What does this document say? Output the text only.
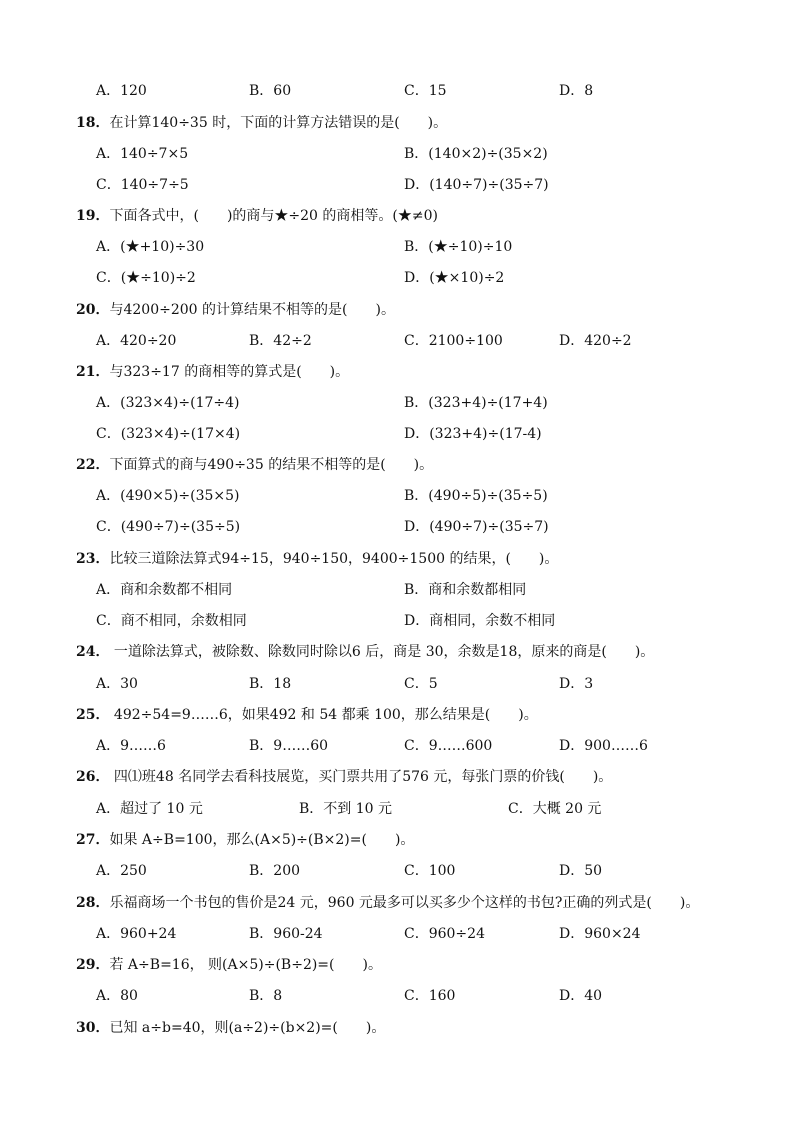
A．120	B．60	C．15	D．8
18．在计算140÷35 时，下面的计算方法错误的是(　　)。
A．140÷7×5	B．(140×2)÷(35×2)
C．140÷7÷5	D．(140÷7)÷(35÷7)
19．下面各式中，(　　)的商与★÷20 的商相等。(★≠0)
A．(★+10)÷30	B．(★÷10)÷10
C．(★÷10)÷2	D．(★×10)÷2
20．与4200÷200 的计算结果不相等的是(　　)。
A．420÷20	B．42÷2	C．2100÷100	D．420÷2
21．与323÷17 的商相等的算式是(　　)。
A．(323×4)÷(17÷4)	B．(323+4)÷(17+4)
C．(323×4)÷(17×4)	D．(323+4)÷(17-4)
22．下面算式的商与490÷35 的结果不相等的是(　　)。
A．(490×5)÷(35×5)	B．(490÷5)÷(35÷5)
C．(490÷7)÷(35÷5)	D．(490÷7)÷(35÷7)
23．比较三道除法算式94÷15，940÷150，9400÷1500 的结果，(　　)。
A．商和余数都不相同	B．商和余数都相同
C．商不相同，余数相同	D．商相同，余数不相同
24． 一道除法算式，被除数、除数同时除以6 后，商是 30，余数是18，原来的商是(　　)。
A．30	B．18	C．5	D．3
25． 492÷54=9……6，如果492 和 54 都乘 100，那么结果是(　　)。
A．9……6	B．9……60	C．9……600	D．900……6
26． 四⑴班48 名同学去看科技展览，买门票共用了576 元，每张门票的价钱(　　)。
A．超过了 10 元	B．不到 10 元	C．大概 20 元
27．如果 A÷B=100，那么(A×5)÷(B×2)=(　　)。
A．250	B．200	C．100	D．50
28．乐福商场一个书包的售价是24 元，960 元最多可以买多少个这样的书包?正确的列式是(　　)。
A．960+24	B．960-24	C．960÷24	D．960×24
29．若 A÷B=16， 则(A×5)÷(B÷2)=(　　)。
A．80	B．8	C．160	D．40
30．已知 a÷b=40，则(a÷2)÷(b×2)=(　　)。
